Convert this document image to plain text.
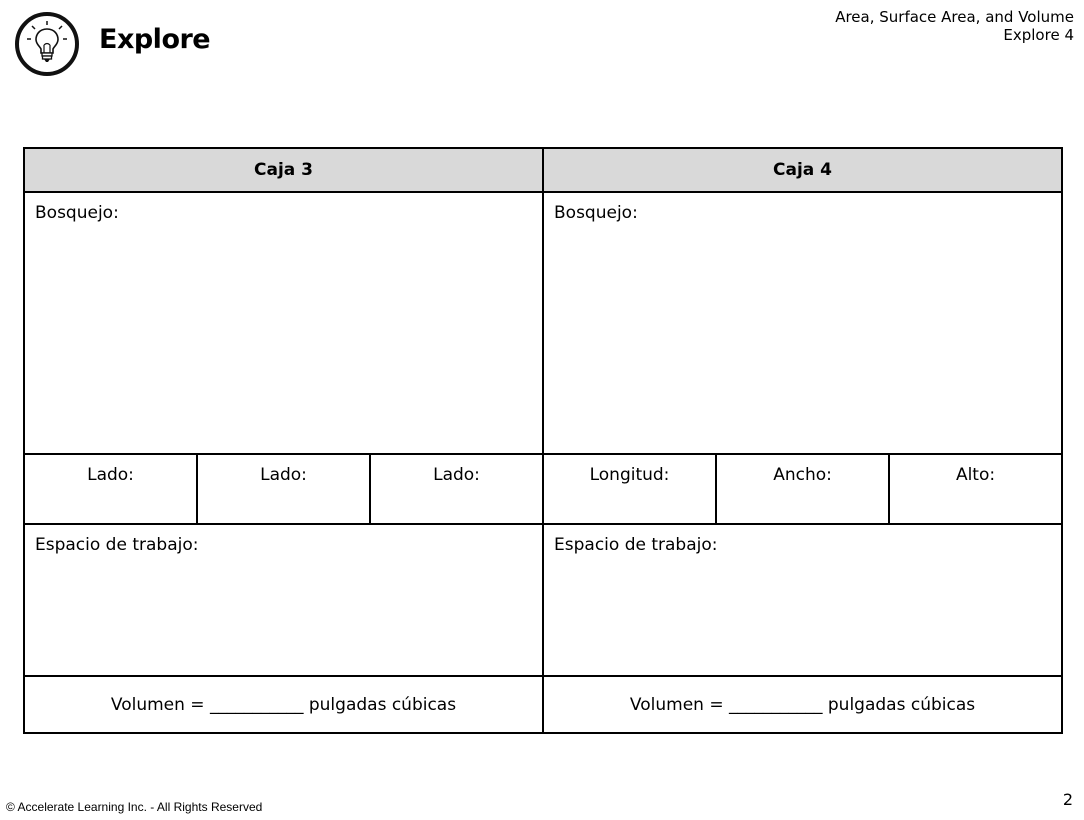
Explore
Area, Surface Area, and Volume
Explore 4
Caja 3			Caja 4		

Bosquejo:			Bosquejo:		

Lado:	Lado:	Lado:	Longitud:	Ancho:	Alto:

Espacio de trabajo:			Espacio de trabajo:		

Volumen = ___________ pulgadas cúbicas			Volumen = ___________ pulgadas cúbicas		
© Accelerate Learning Inc. - All Rights Reserved	2
